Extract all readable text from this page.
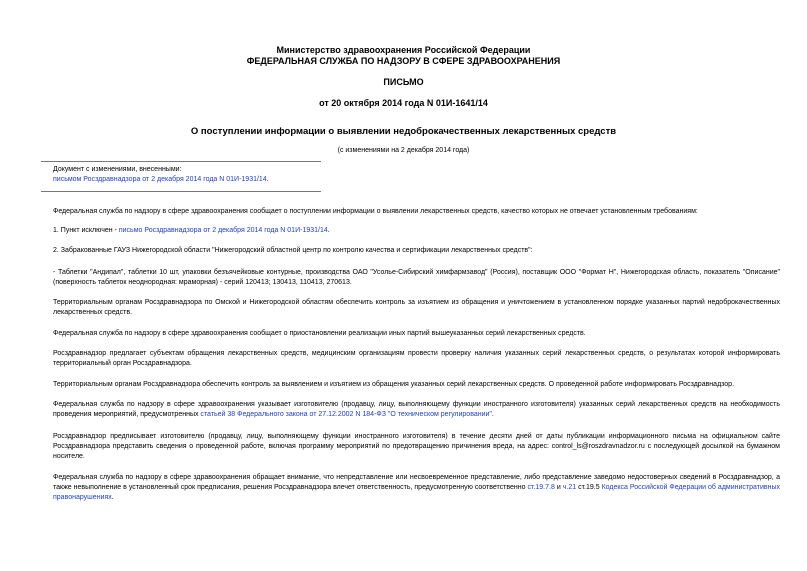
Министерство здравоохранения Российской Федерации
ФЕДЕРАЛЬНАЯ СЛУЖБА ПО НАДЗОРУ В СФЕРЕ ЗДРАВООХРАНЕНИЯ
ПИСЬМО
от 20 октября 2014 года N 01И-1641/14
О поступлении информации о выявлении недоброкачественных лекарственных средств
(с изменениями на 2 декабря 2014 года)
Документ с изменениями, внесенными:
письмом Росздравнадзора от 2 декабря 2014 года N 01И-1931/14.
Федеральная служба по надзору в сфере здравоохранения сообщает о поступлении информации о выявлении лекарственных средств, качество которых не отвечает установленным требованиям:
1. Пункт исключен - письмо Росздравнадзора от 2 декабря 2014 года N 01И-1931/14.
2. Забракованные ГАУЗ Нижегородской области "Нижегородский областной центр по контролю качества и сертификации лекарственных средств":
- Таблетки "Андипал", таблетки 10 шт, упаковки безъячейковые контурные, производства ОАО "Усолье-Сибирский химфармзавод" (Россия), поставщик ООО "Формат Н", Нижегородская область, показатель "Описание" (поверхность таблеток неоднородная: мраморная) - серий 120413; 130413, 110413, 270613.
Территориальным органам Росздравнадзора по Омской и Нижегородской областям обеспечить контроль за изъятием из обращения и уничтожением в установленном порядке указанных партий недоброкачественных лекарственных средств.
Федеральная служба по надзору в сфере здравоохранения сообщает о приостановлении реализации иных партий вышеуказанных серий лекарственных средств.
Росздравнадзор предлагает субъектам обращения лекарственных средств, медицинским организациям провести проверку наличия указанных серий лекарственных средств, о результатах которой информировать территориальный орган Росздравнадзора.
Территориальным органам Росздравнадзора обеспечить контроль за выявлением и изъятием из обращения указанных серий лекарственных средств. О проведенной работе информировать Росздравнадзор.
Федеральная служба по надзору в сфере здравоохранения указывает изготовителю (продавцу, лицу, выполняющему функции иностранного изготовителя) указанных серий лекарственных средств на необходимость проведения мероприятий, предусмотренных статьей 38 Федерального закона от 27.12.2002 N 184-ФЗ "О техническом регулировании".
Росздравнадзор предписывает изготовителю (продавцу, лицу, выполняющему функции иностранного изготовителя) в течение десяти дней от даты публикации информационного письма на официальном сайте Росздравнадзора представить сведения о проведенной работе, включая программу мероприятий по предотвращению причинения вреда, на адрес: control_ls@roszdravnadzor.ru с последующей досылкой на бумажном носителе.
Федеральная служба по надзору в сфере здравоохранения обращает внимание, что непредставление или несвоевременное представление, либо представление заведомо недостоверных сведений в Росздравнадзор, а также невыполнение в установленный срок предписания, решения Росздравнадзора влечет ответственность, предусмотренную соответственно ст.19.7.8 и ч.21 ст.19.5 Кодекса Российской Федерации об административных правонарушениях.
